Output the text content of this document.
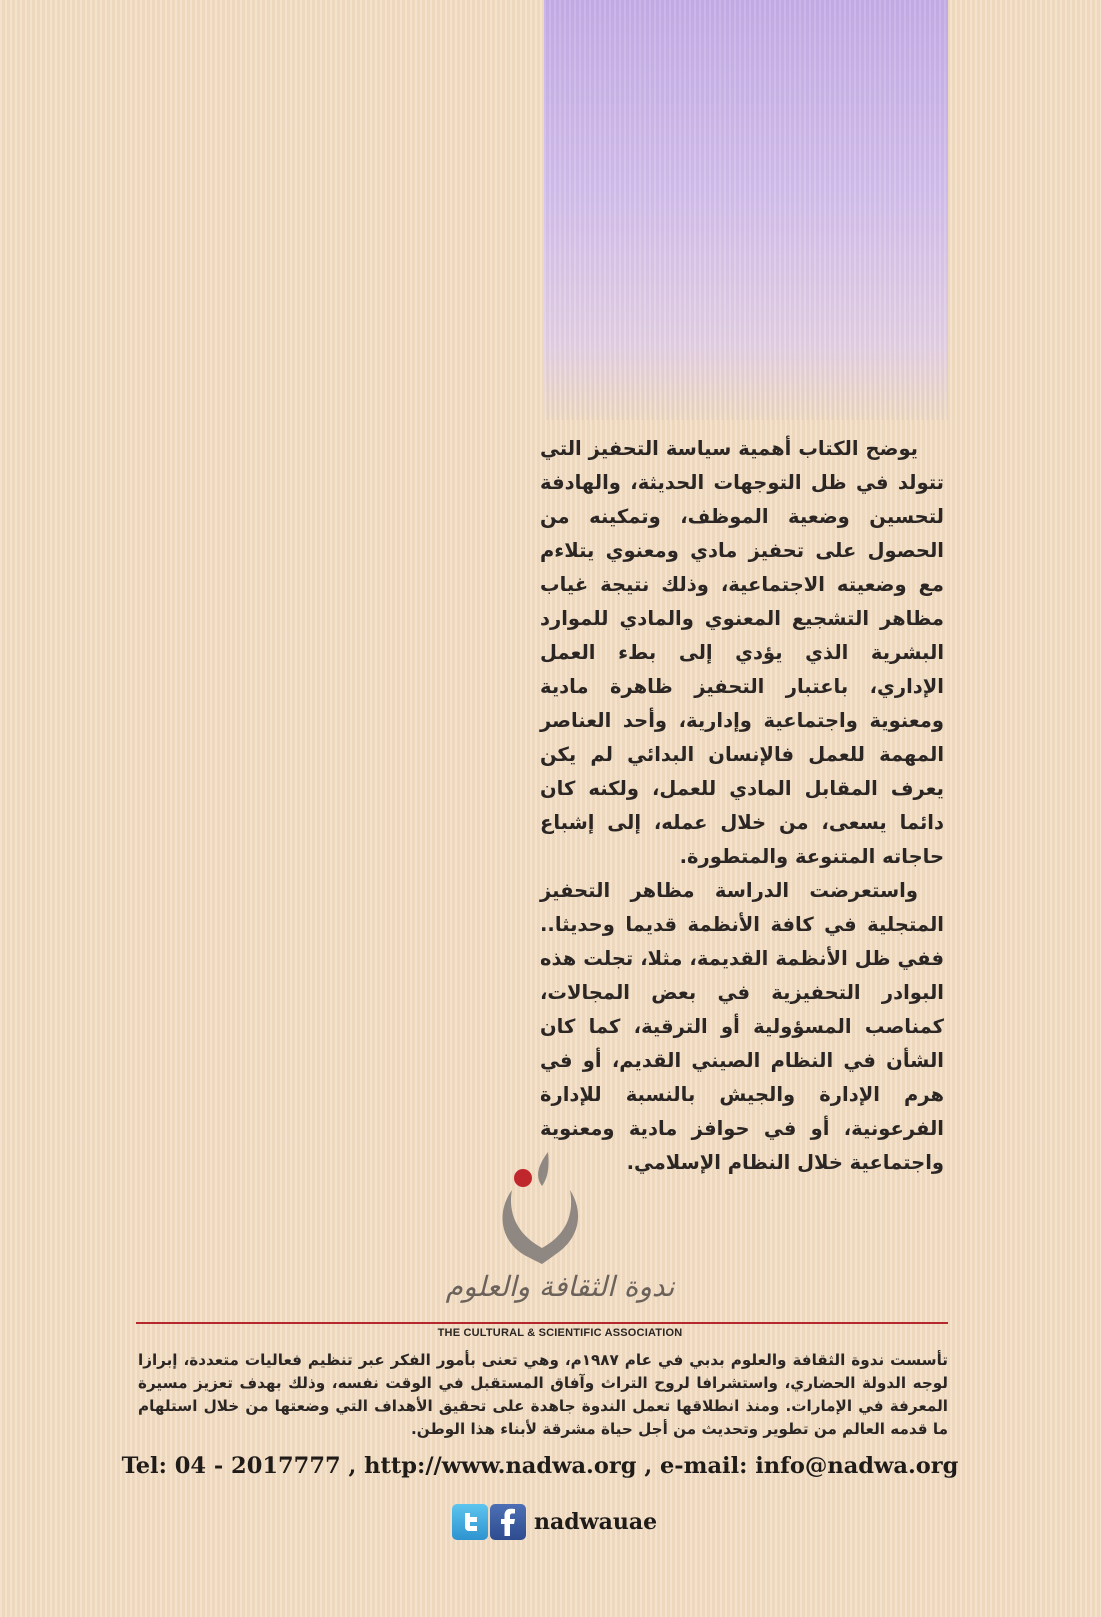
يوضح الكتاب أهمية سياسة التحفيز التي تتولد في ظل التوجهات الحديثة، والهادفة لتحسين وضعية الموظف، وتمكينه من الحصول على تحفيز مادي ومعنوي يتلاءم مع وضعيته الاجتماعية، وذلك نتيجة غياب مظاهر التشجيع المعنوي والمادي للموارد البشرية الذي يؤدي إلى بطء العمل الإداري، باعتبار التحفيز ظاهرة مادية ومعنوية واجتماعية وإدارية، وأحد العناصر المهمة للعمل فالإنسان البدائي لم يكن يعرف المقابل المادي للعمل، ولكنه كان دائما يسعى، من خلال عمله، إلى إشباع حاجاته المتنوعة والمتطورة.

واستعرضت الدراسة مظاهر التحفيز المتجلية في كافة الأنظمة قديما وحديثا.. ففي ظل الأنظمة القديمة، مثلا، تجلت هذه البوادر التحفيزية في بعض المجالات، كمناصب المسؤولية أو الترقية، كما كان الشأن في النظام الصيني القديم، أو في هرم الإدارة والجيش بالنسبة للإدارة الفرعونية، أو في حوافز مادية ومعنوية واجتماعية خلال النظام الإسلامي.

ندوة الثقافة والعلوم
THE CULTURAL & SCIENTIFIC ASSOCIATION
تأسست ندوة الثقافة والعلوم بدبي في عام ١٩٨٧م، وهي تعنى بأمور الفكر عبر تنظيم فعاليات متعددة، إبرازا لوجه الدولة الحضاري، واستشرافا لروح التراث وآفاق المستقبل في الوقت نفسه، وذلك بهدف تعزيز مسيرة المعرفة في الإمارات. ومنذ انطلاقها تعمل الندوة جاهدة على تحقيق الأهداف التي وضعتها من خلال استلهام ما قدمه العالم من تطوير وتحديث من أجل حياة مشرقة لأبناء هذا الوطن.
Tel: 04 - 2017777 , http://www.nadwa.org , e-mail: info@nadwa.org
nadwauae
